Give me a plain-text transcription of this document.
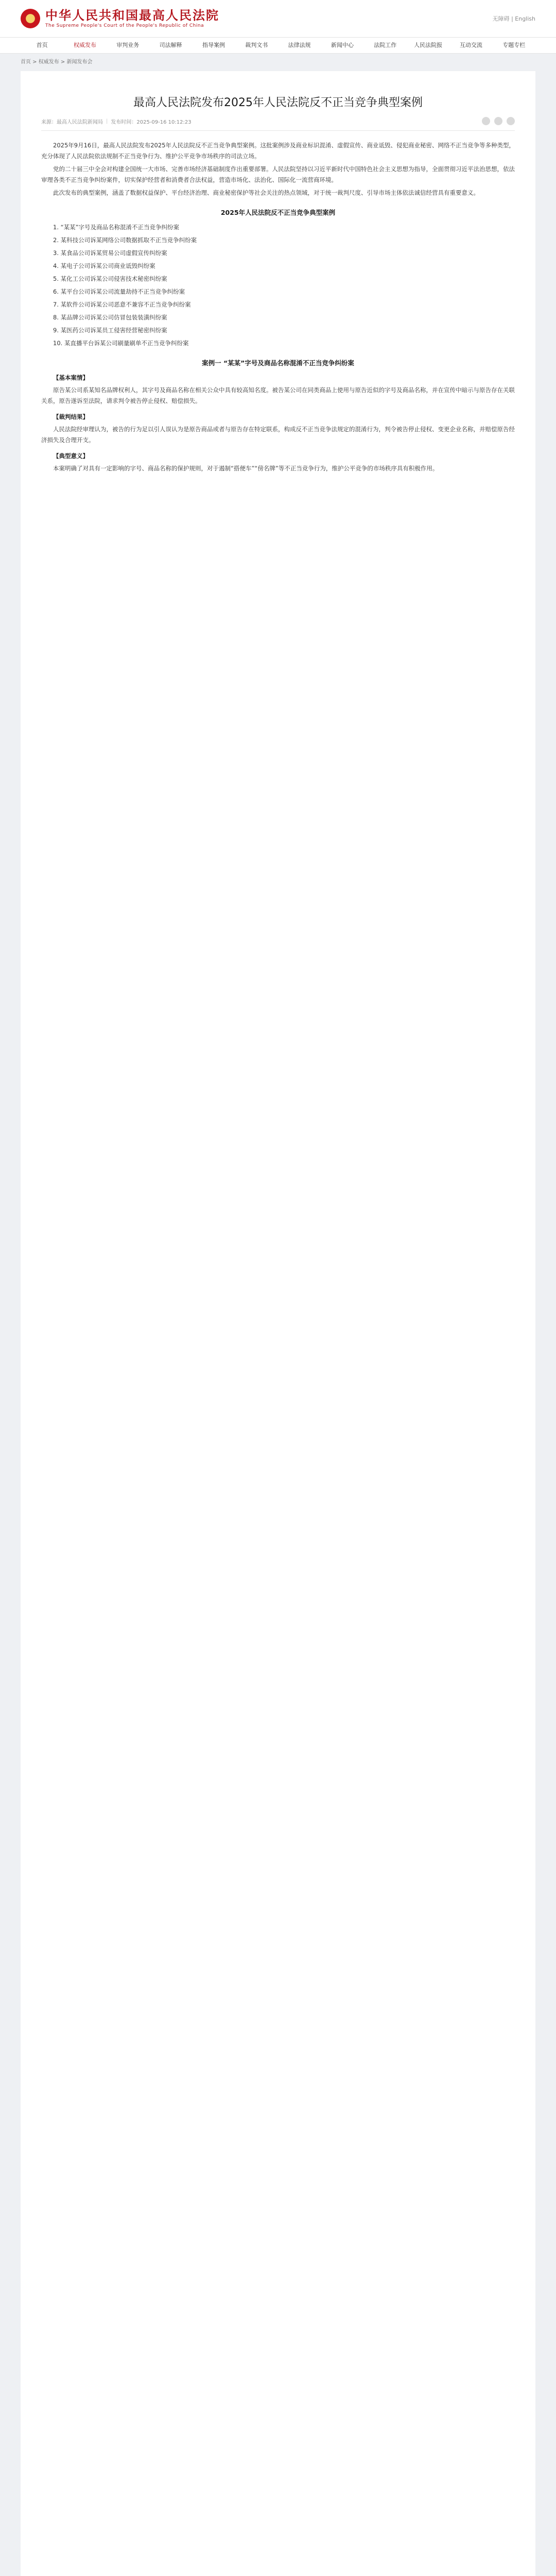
中华人民共和国最高人民法院
The Supreme People's Court of the People's Republic of China
无障碍 | English
首页	权威发布	审判业务	司法解释	指导案例	裁判文书	法律法规	新闻中心	法院工作	人民法院报	互动交流	专题专栏
首页 > 权威发布 > 新闻发布会
最高人民法院发布2025年人民法院反不正当竞争典型案例
来源：最高人民法院新闻局 | 发布时间：2025-09-16 10:12:23

2025年9月16日，最高人民法院发布2025年人民法院反不正当竞争典型案例。这批案例涉及商业标识混淆、虚假宣传、商业诋毁、侵犯商业秘密、网络不正当竞争等多种类型，充分体现了人民法院依法规制不正当竞争行为、维护公平竞争市场秩序的司法立场。

党的二十届三中全会对构建全国统一大市场、完善市场经济基础制度作出重要部署。人民法院坚持以习近平新时代中国特色社会主义思想为指导，全面贯彻习近平法治思想，依法审理各类不正当竞争纠纷案件，切实保护经营者和消费者合法权益，营造市场化、法治化、国际化一流营商环境。

此次发布的典型案例，涵盖了数据权益保护、平台经济治理、商业秘密保护等社会关注的热点领域，对于统一裁判尺度、引导市场主体依法诚信经营具有重要意义。

2025年人民法院反不正当竞争典型案例

1. “某某”字号及商品名称混淆不正当竞争纠纷案

2. 某科技公司诉某网络公司数据抓取不正当竞争纠纷案

3. 某食品公司诉某贸易公司虚假宣传纠纷案

4. 某电子公司诉某公司商业诋毁纠纷案

5. 某化工公司诉某公司侵害技术秘密纠纷案

6. 某平台公司诉某公司流量劫持不正当竞争纠纷案

7. 某软件公司诉某公司恶意不兼容不正当竞争纠纷案

8. 某品牌公司诉某公司仿冒包装装潢纠纷案

9. 某医药公司诉某员工侵害经营秘密纠纷案

10. 某直播平台诉某公司刷量刷单不正当竞争纠纷案

案例一 “某某”字号及商品名称混淆不正当竞争纠纷案
【基本案情】

原告某公司系某知名品牌权利人，其字号及商品名称在相关公众中具有较高知名度。被告某公司在同类商品上使用与原告近似的字号及商品名称，并在宣传中暗示与原告存在关联关系，原告遂诉至法院，请求判令被告停止侵权、赔偿损失。

【裁判结果】

人民法院经审理认为，被告的行为足以引人误认为是原告商品或者与原告存在特定联系，构成反不正当竞争法规定的混淆行为，判令被告停止侵权、变更企业名称，并赔偿原告经济损失及合理开支。

【典型意义】

本案明确了对具有一定影响的字号、商品名称的保护规则，对于遏制“搭便车”“傍名牌”等不正当竞争行为，维护公平竞争的市场秩序具有积极作用。
